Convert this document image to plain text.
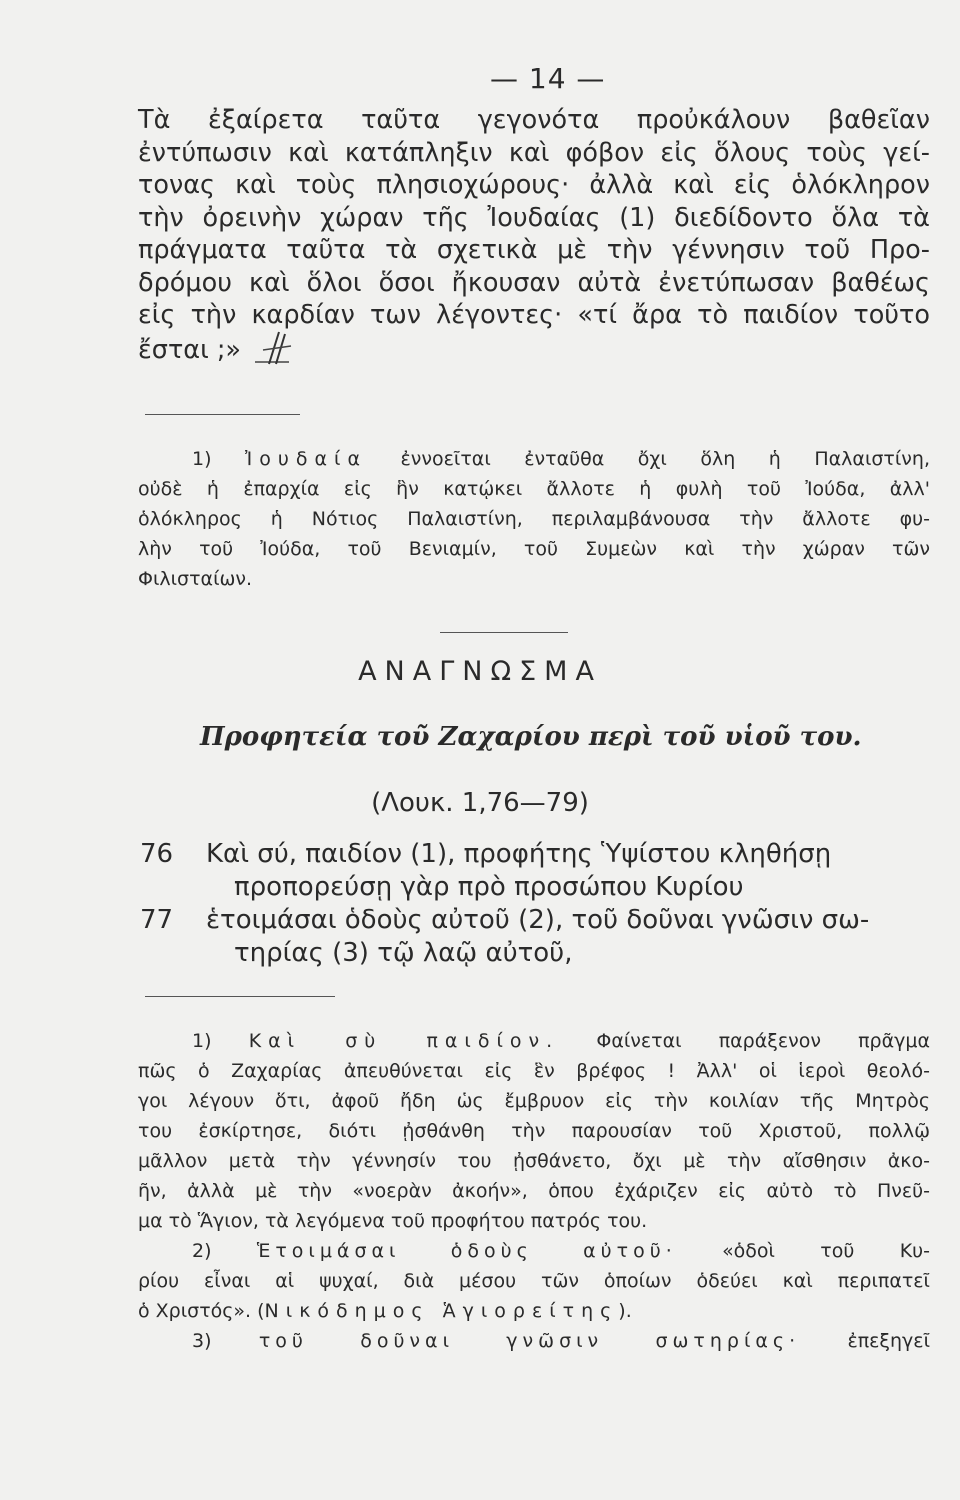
— 14 —
Τὰ ἐξαίρετα ταῦτα γεγονότα προὐκάλουν βαθεῖαν
ἐντύπωσιν καὶ κατάπληξιν καὶ φόβον εἰς ὅλους τοὺς γεί-
τονας καὶ τοὺς πλησιοχώρους· ἀλλὰ καὶ εἰς ὁλόκληρον
τὴν ὀρεινὴν χώραν τῆς Ἰουδαίας (1) διεδίδοντο ὅλα τὰ
πράγματα ταῦτα τὰ σχετικὰ μὲ τὴν γέννησιν τοῦ Προ-
δρόμου καὶ ὅλοι ὅσοι ἤκουσαν αὐτὰ ἐνετύπωσαν βαθέως
εἰς τὴν καρδίαν των λέγοντες· «τί ἄρα τὸ παιδίον τοῦτο
ἔσται ;»
1) Ἰουδαία ἐννοεῖται ἐνταῦθα ὄχι ὅλη ἡ Παλαιστίνη,
οὐδὲ ἡ ἐπαρχία εἰς ἣν κατῴκει ἄλλοτε ἡ φυλὴ τοῦ Ἰούδα, ἀλλ'
ὁλόκληρος ἡ Νότιος Παλαιστίνη, περιλαμβάνουσα τὴν ἄλλοτε φυ-
λὴν τοῦ Ἰούδα, τοῦ Βενιαμίν, τοῦ Συμεὼν καὶ τὴν χώραν τῶν
Φιλισταίων.
ΑΝΑΓΝΩΣΜΑ
Προφητεία τοῦ Ζαχαρίου περὶ τοῦ υἱοῦ του.
(Λουκ. 1,76—79)
76 Καὶ σύ, παιδίον (1), προφήτης Ὑψίστου κληθήσῃ
προπορεύσῃ γὰρ πρὸ προσώπου Κυρίου
77 ἑτοιμάσαι ὁδοὺς αὐτοῦ (2), τοῦ δοῦναι γνῶσιν σω-
τηρίας (3) τῷ λαῷ αὐτοῦ,
1) Καὶ σὺ παιδίον. Φαίνεται παράξενον πρᾶγμα
πῶς ὁ Ζαχαρίας ἀπευθύνεται εἰς ἓν βρέφος ! Ἀλλ' οἱ ἱεροὶ θεολό-
γοι λέγουν ὅτι, ἀφοῦ ἤδη ὡς ἔμβρυον εἰς τὴν κοιλίαν τῆς Μητρὸς
του ἐσκίρτησε, διότι ᾐσθάνθη τὴν παρουσίαν τοῦ Χριστοῦ, πολλῷ
μᾶλλον μετὰ τὴν γέννησίν του ᾐσθάνετο, ὄχι μὲ τὴν αἴσθησιν ἀκο-
ῆν, ἀλλὰ μὲ τὴν «νοερὰν ἀκοήν», ὁπου ἐχάριζεν εἰς αὐτὸ τὸ Πνεῦ-
μα τὸ Ἅγιον, τὰ λεγόμενα τοῦ προφήτου πατρός του.
2) Ἑτοιμάσαι ὁδοὺς αὐτοῦ· «ὁδοὶ τοῦ Κυ-
ρίου εἶναι αἱ ψυχαί, διὰ μέσου τῶν ὁποίων ὁδεύει καὶ περιπατεῖ
ὁ Χριστός». (Νικόδημος Ἁγιορείτης).
3) τοῦ δοῦναι γνῶσιν σωτηρίας· ἐπεξηγεῖ
